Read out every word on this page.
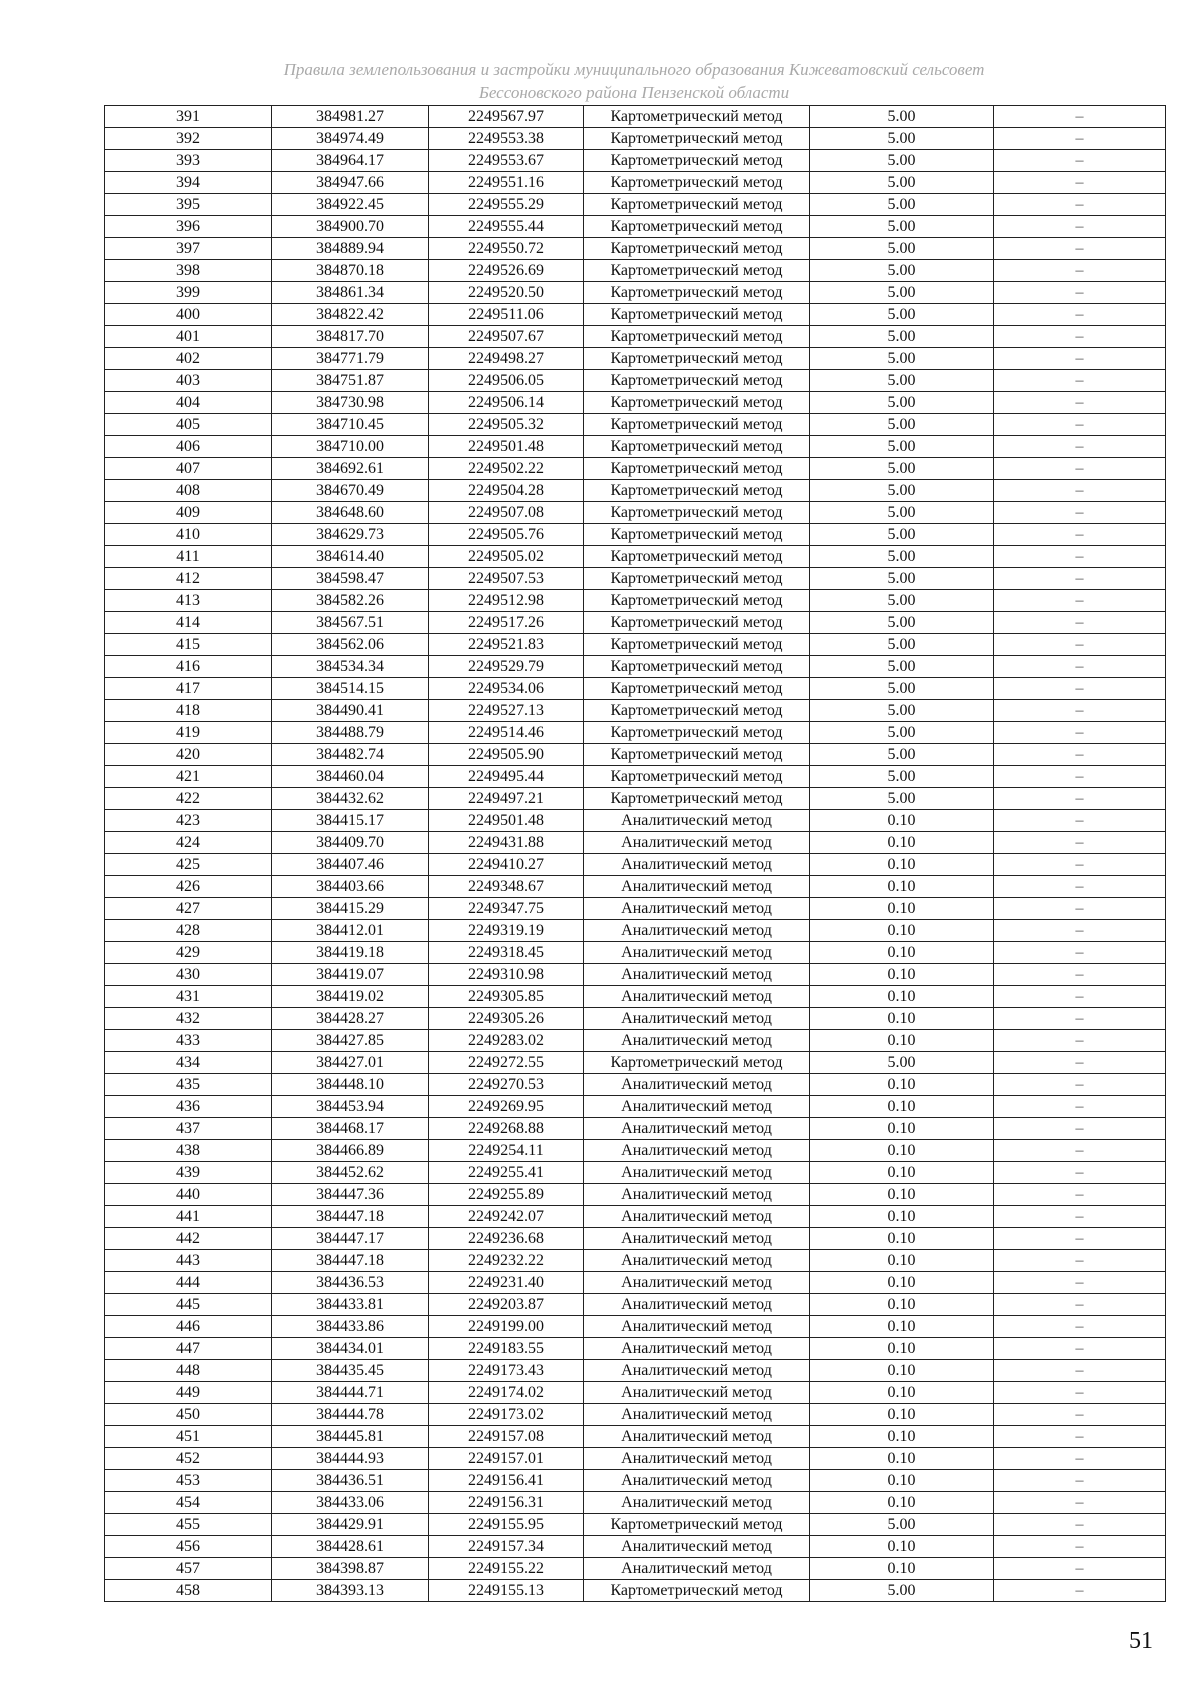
Правила землепользования и застройки муниципального образования Кижеватовский сельсовет
Бессоновского района Пензенской области
391	384981.27	2249567.97	Картометрический метод	5.00	–
392	384974.49	2249553.38	Картометрический метод	5.00	–
393	384964.17	2249553.67	Картометрический метод	5.00	–
394	384947.66	2249551.16	Картометрический метод	5.00	–
395	384922.45	2249555.29	Картометрический метод	5.00	–
396	384900.70	2249555.44	Картометрический метод	5.00	–
397	384889.94	2249550.72	Картометрический метод	5.00	–
398	384870.18	2249526.69	Картометрический метод	5.00	–
399	384861.34	2249520.50	Картометрический метод	5.00	–
400	384822.42	2249511.06	Картометрический метод	5.00	–
401	384817.70	2249507.67	Картометрический метод	5.00	–
402	384771.79	2249498.27	Картометрический метод	5.00	–
403	384751.87	2249506.05	Картометрический метод	5.00	–
404	384730.98	2249506.14	Картометрический метод	5.00	–
405	384710.45	2249505.32	Картометрический метод	5.00	–
406	384710.00	2249501.48	Картометрический метод	5.00	–
407	384692.61	2249502.22	Картометрический метод	5.00	–
408	384670.49	2249504.28	Картометрический метод	5.00	–
409	384648.60	2249507.08	Картометрический метод	5.00	–
410	384629.73	2249505.76	Картометрический метод	5.00	–
411	384614.40	2249505.02	Картометрический метод	5.00	–
412	384598.47	2249507.53	Картометрический метод	5.00	–
413	384582.26	2249512.98	Картометрический метод	5.00	–
414	384567.51	2249517.26	Картометрический метод	5.00	–
415	384562.06	2249521.83	Картометрический метод	5.00	–
416	384534.34	2249529.79	Картометрический метод	5.00	–
417	384514.15	2249534.06	Картометрический метод	5.00	–
418	384490.41	2249527.13	Картометрический метод	5.00	–
419	384488.79	2249514.46	Картометрический метод	5.00	–
420	384482.74	2249505.90	Картометрический метод	5.00	–
421	384460.04	2249495.44	Картометрический метод	5.00	–
422	384432.62	2249497.21	Картометрический метод	5.00	–
423	384415.17	2249501.48	Аналитический метод	0.10	–
424	384409.70	2249431.88	Аналитический метод	0.10	–
425	384407.46	2249410.27	Аналитический метод	0.10	–
426	384403.66	2249348.67	Аналитический метод	0.10	–
427	384415.29	2249347.75	Аналитический метод	0.10	–
428	384412.01	2249319.19	Аналитический метод	0.10	–
429	384419.18	2249318.45	Аналитический метод	0.10	–
430	384419.07	2249310.98	Аналитический метод	0.10	–
431	384419.02	2249305.85	Аналитический метод	0.10	–
432	384428.27	2249305.26	Аналитический метод	0.10	–
433	384427.85	2249283.02	Аналитический метод	0.10	–
434	384427.01	2249272.55	Картометрический метод	5.00	–
435	384448.10	2249270.53	Аналитический метод	0.10	–
436	384453.94	2249269.95	Аналитический метод	0.10	–
437	384468.17	2249268.88	Аналитический метод	0.10	–
438	384466.89	2249254.11	Аналитический метод	0.10	–
439	384452.62	2249255.41	Аналитический метод	0.10	–
440	384447.36	2249255.89	Аналитический метод	0.10	–
441	384447.18	2249242.07	Аналитический метод	0.10	–
442	384447.17	2249236.68	Аналитический метод	0.10	–
443	384447.18	2249232.22	Аналитический метод	0.10	–
444	384436.53	2249231.40	Аналитический метод	0.10	–
445	384433.81	2249203.87	Аналитический метод	0.10	–
446	384433.86	2249199.00	Аналитический метод	0.10	–
447	384434.01	2249183.55	Аналитический метод	0.10	–
448	384435.45	2249173.43	Аналитический метод	0.10	–
449	384444.71	2249174.02	Аналитический метод	0.10	–
450	384444.78	2249173.02	Аналитический метод	0.10	–
451	384445.81	2249157.08	Аналитический метод	0.10	–
452	384444.93	2249157.01	Аналитический метод	0.10	–
453	384436.51	2249156.41	Аналитический метод	0.10	–
454	384433.06	2249156.31	Аналитический метод	0.10	–
455	384429.91	2249155.95	Картометрический метод	5.00	–
456	384428.61	2249157.34	Аналитический метод	0.10	–
457	384398.87	2249155.22	Аналитический метод	0.10	–
458	384393.13	2249155.13	Картометрический метод	5.00	–
51
